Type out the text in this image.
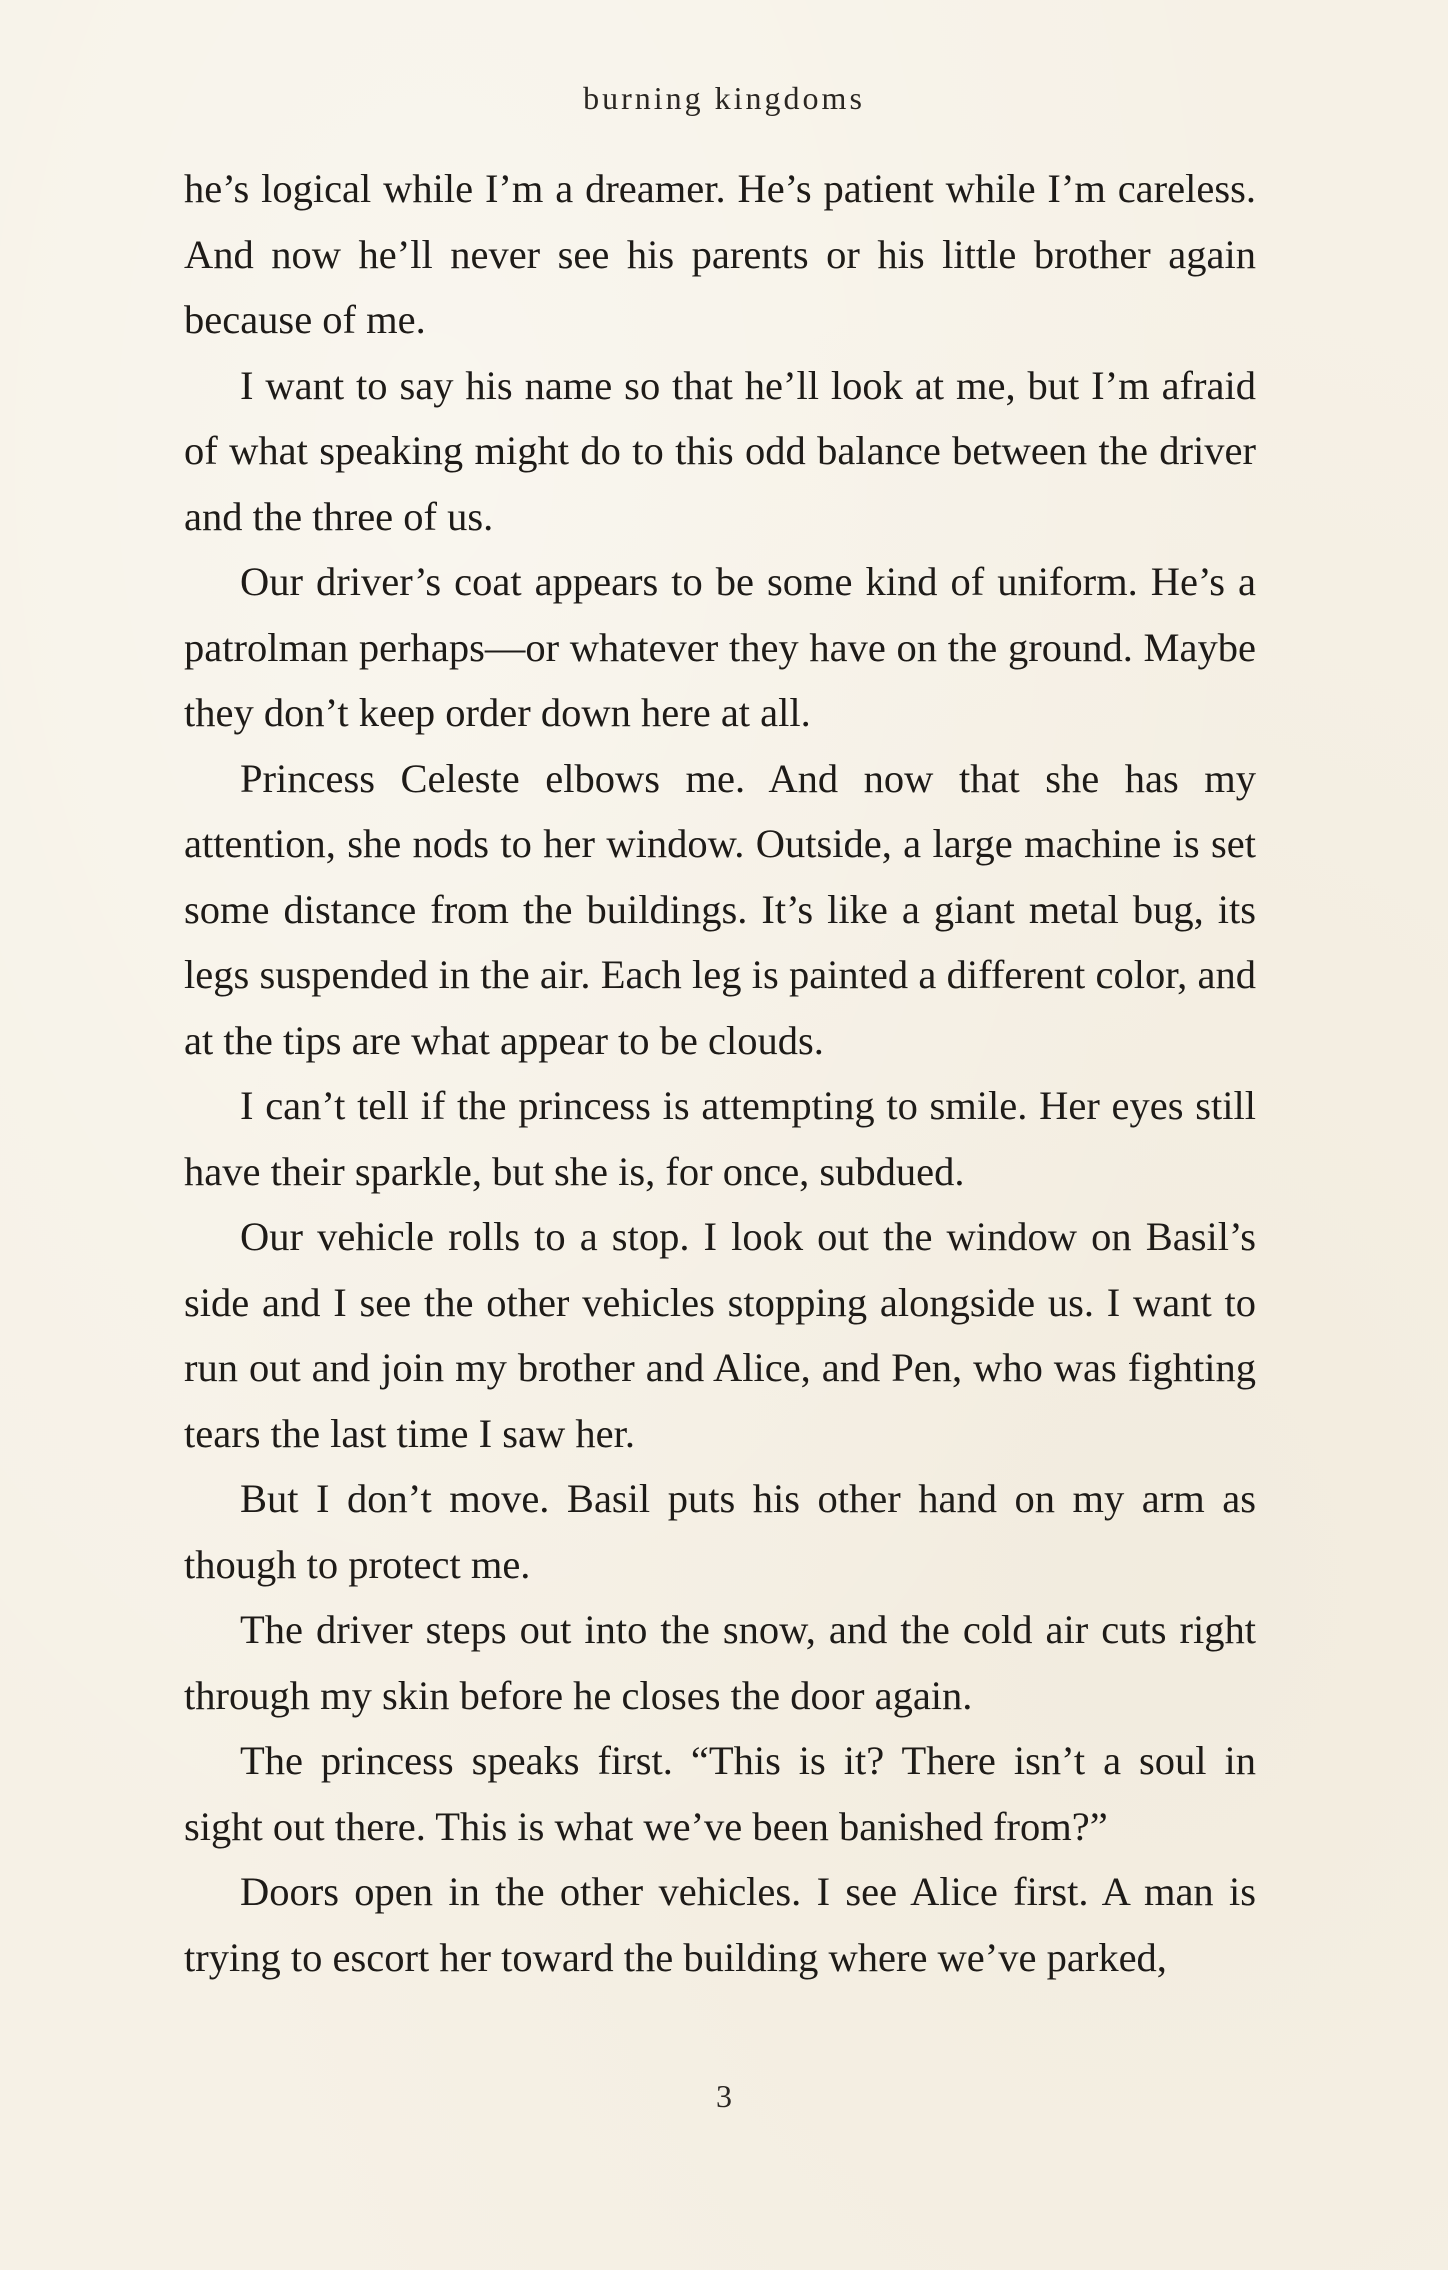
burning kingdoms

he’s logical while I’m a dreamer. He’s patient while I’m careless. And now he’ll never see his parents or his little brother again because of me.

I want to say his name so that he’ll look at me, but I’m afraid of what speaking might do to this odd balance between the driver and the three of us.

Our driver’s coat appears to be some kind of uniform. He’s a patrolman perhaps—or whatever they have on the ground. Maybe they don’t keep order down here at all.

Princess Celeste elbows me. And now that she has my attention, she nods to her window. Outside, a large machine is set some distance from the buildings. It’s like a giant metal bug, its legs suspended in the air. Each leg is painted a different color, and at the tips are what appear to be clouds.

I can’t tell if the princess is attempting to smile. Her eyes still have their sparkle, but she is, for once, subdued.

Our vehicle rolls to a stop. I look out the window on Basil’s side and I see the other vehicles stopping alongside us. I want to run out and join my brother and Alice, and Pen, who was fighting tears the last time I saw her.

But I don’t move. Basil puts his other hand on my arm as though to protect me.

The driver steps out into the snow, and the cold air cuts right through my skin before he closes the door again.

The princess speaks first. “This is it? There isn’t a soul in sight out there. This is what we’ve been banished from?”

Doors open in the other vehicles. I see Alice first. A man is trying to escort her toward the building where we’ve parked,

3
